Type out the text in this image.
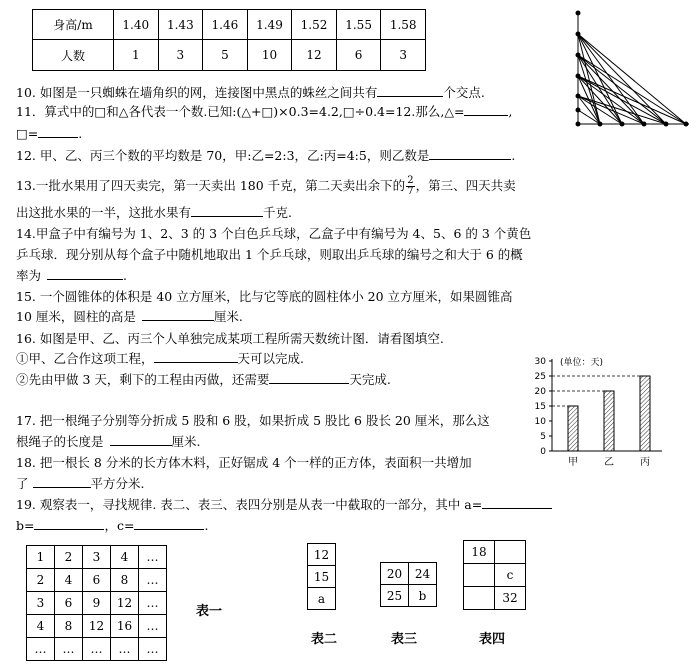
身高/m	1.40	1.43	1.46	1.49	1.52	1.55	1.58
人数	1	3	5	10	12	6	3
10. 如图是一只蜘蛛在墙角织的网，连接图中黑点的蛛丝之间共有	个交点.
11．算式中的□和△各代表一个数.已知:(△+□)×0.3=4.2,□÷0.4=12.那么,△=	,
□=	.
12. 甲、乙、丙三个数的平均数是 70，甲:乙=2:3，乙:丙=4:5，则乙数是	.
13.一批水果用了四天卖完，第一天卖出 180 千克，第二天卖出余下的 $\frac{2}{7}$ ，第三、四天共卖
出这批水果的一半，这批水果有	千克.
14.甲盒子中有编号为 1、2、3 的 3 个白色乒乓球，乙盒子中有编号为 4、5、6 的 3 个黄色
乒乓球．现分别从每个盒子中随机地取出 1 个乒乓球，则取出乒乓球的编号之和大于 6 的概
率为	.
15. 一个圆锥体的体积是 40 立方厘米，比与它等底的圆柱体小 20 立方厘米，如果圆锥高
10 厘米，圆柱的高是	厘米.
16. 如图是甲、乙、丙三个人单独完成某项工程所需天数统计图．请看图填空.
①甲、乙合作这项工程，	天可以完成.
②先由甲做 3 天，剩下的工程由丙做，还需要	天完成.
0
5
10
15
20
25
30 (单位：天)
甲	乙	丙
17. 把一根绳子分别等分折成 5 股和 6 股，如果折成 5 股比 6 股长 20 厘米，那么这
根绳子的长度是	厘米.
18. 把一根长 8 分米的长方体木料，正好锯成 4 个一样的正方体，表面积一共增加
了	平方分米.
19. 观察表一，寻找规律. 表二、表三、表四分别是从表一中截取的一部分，其中 a=
b=	，c=	.
1	2	3	4	…
2	4	6	8	…
3	6	9	12	…
4	8	12	16	…
…	…	…	…	…
表一
12
15
a
表二
20	24
25	b
表三
18	
	c
	32
表四
